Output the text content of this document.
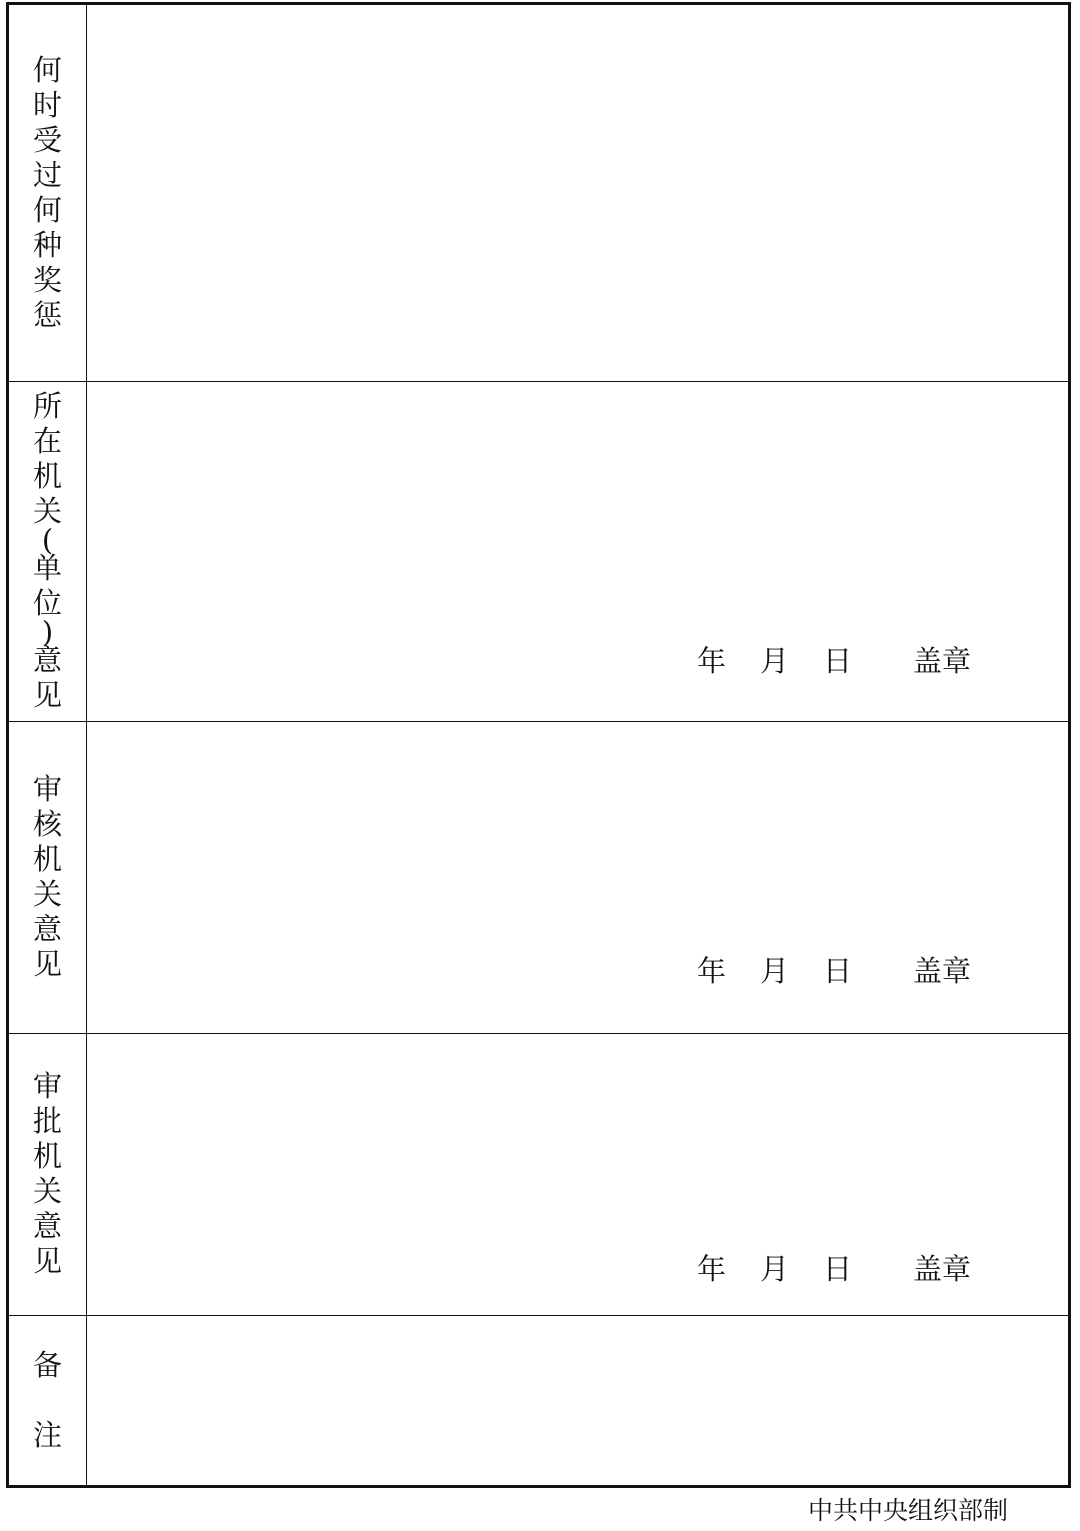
何
时
受
过
何
种
奖
惩
所
在
机
关
(
单
位
)
意
见
年 月 日 盖章
审
核
机
关
意
见	年 月 日 盖章
审
批
机
关
意
见	年 月 日 盖章
备
注
中共中央组织部制
